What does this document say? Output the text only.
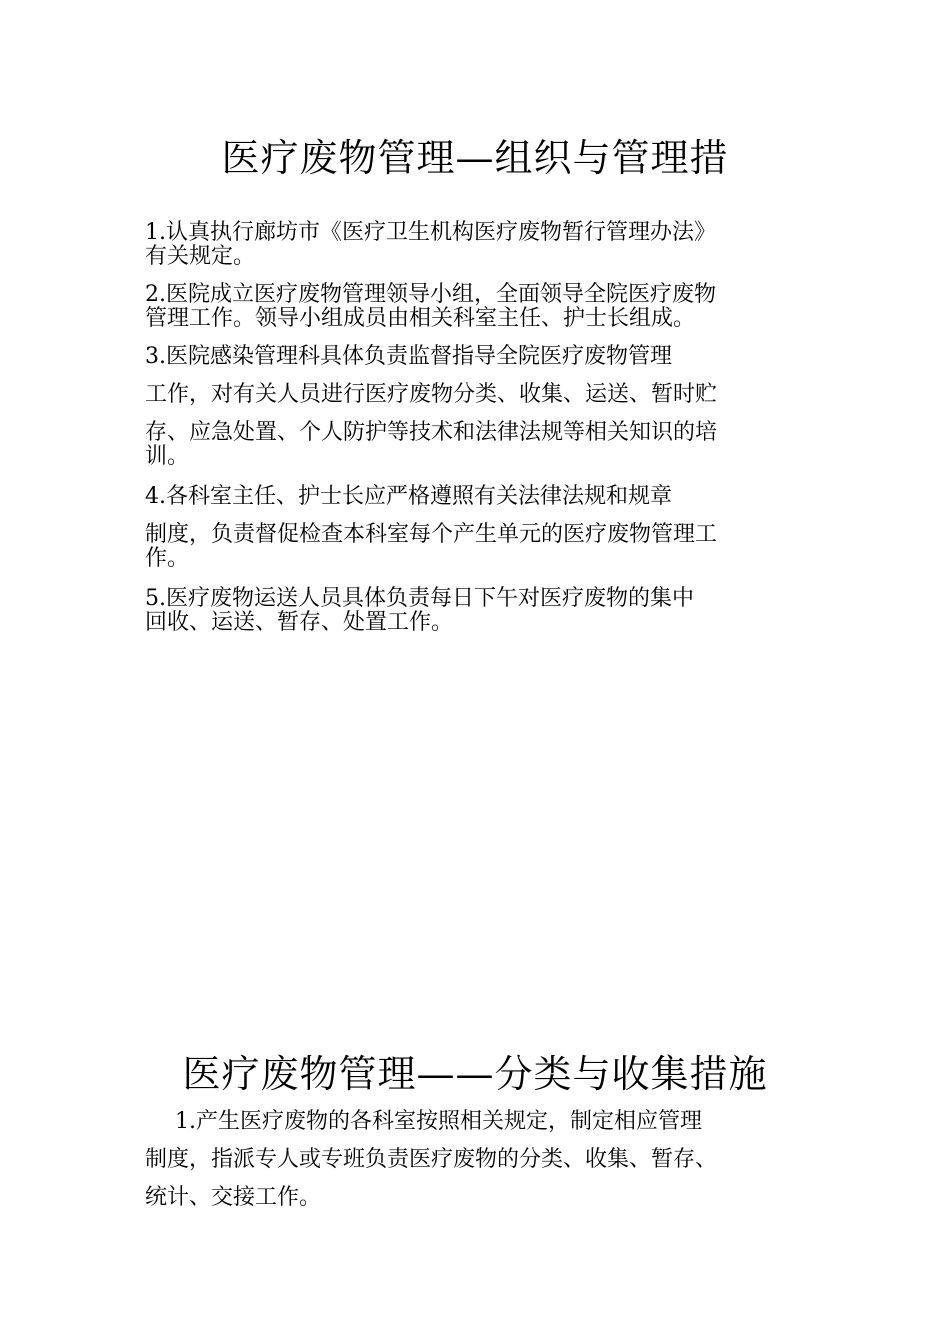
医疗废物管理—组织与管理措
1.认真执行廊坊市《医疗卫生机构医疗废物暂行管理办法》
有关规定。
2.医院成立医疗废物管理领导小组，全面领导全院医疗废物
管理工作。领导小组成员由相关科室主任、护士长组成。
3.医院感染管理科具体负责监督指导全院医疗废物管理
工作，对有关人员进行医疗废物分类、收集、运送、暂时贮
存、应急处置、个人防护等技术和法律法规等相关知识的培
训。
4.各科室主任、护士长应严格遵照有关法律法规和规章
制度，负责督促检查本科室每个产生单元的医疗废物管理工
作。
5.医疗废物运送人员具体负责每日下午对医疗废物的集中
回收、运送、暂存、处置工作。
医疗废物管理——分类与收集措施
1.产生医疗废物的各科室按照相关规定，制定相应管理
制度，指派专人或专班负责医疗废物的分类、收集、暂存、
统计、交接工作。
